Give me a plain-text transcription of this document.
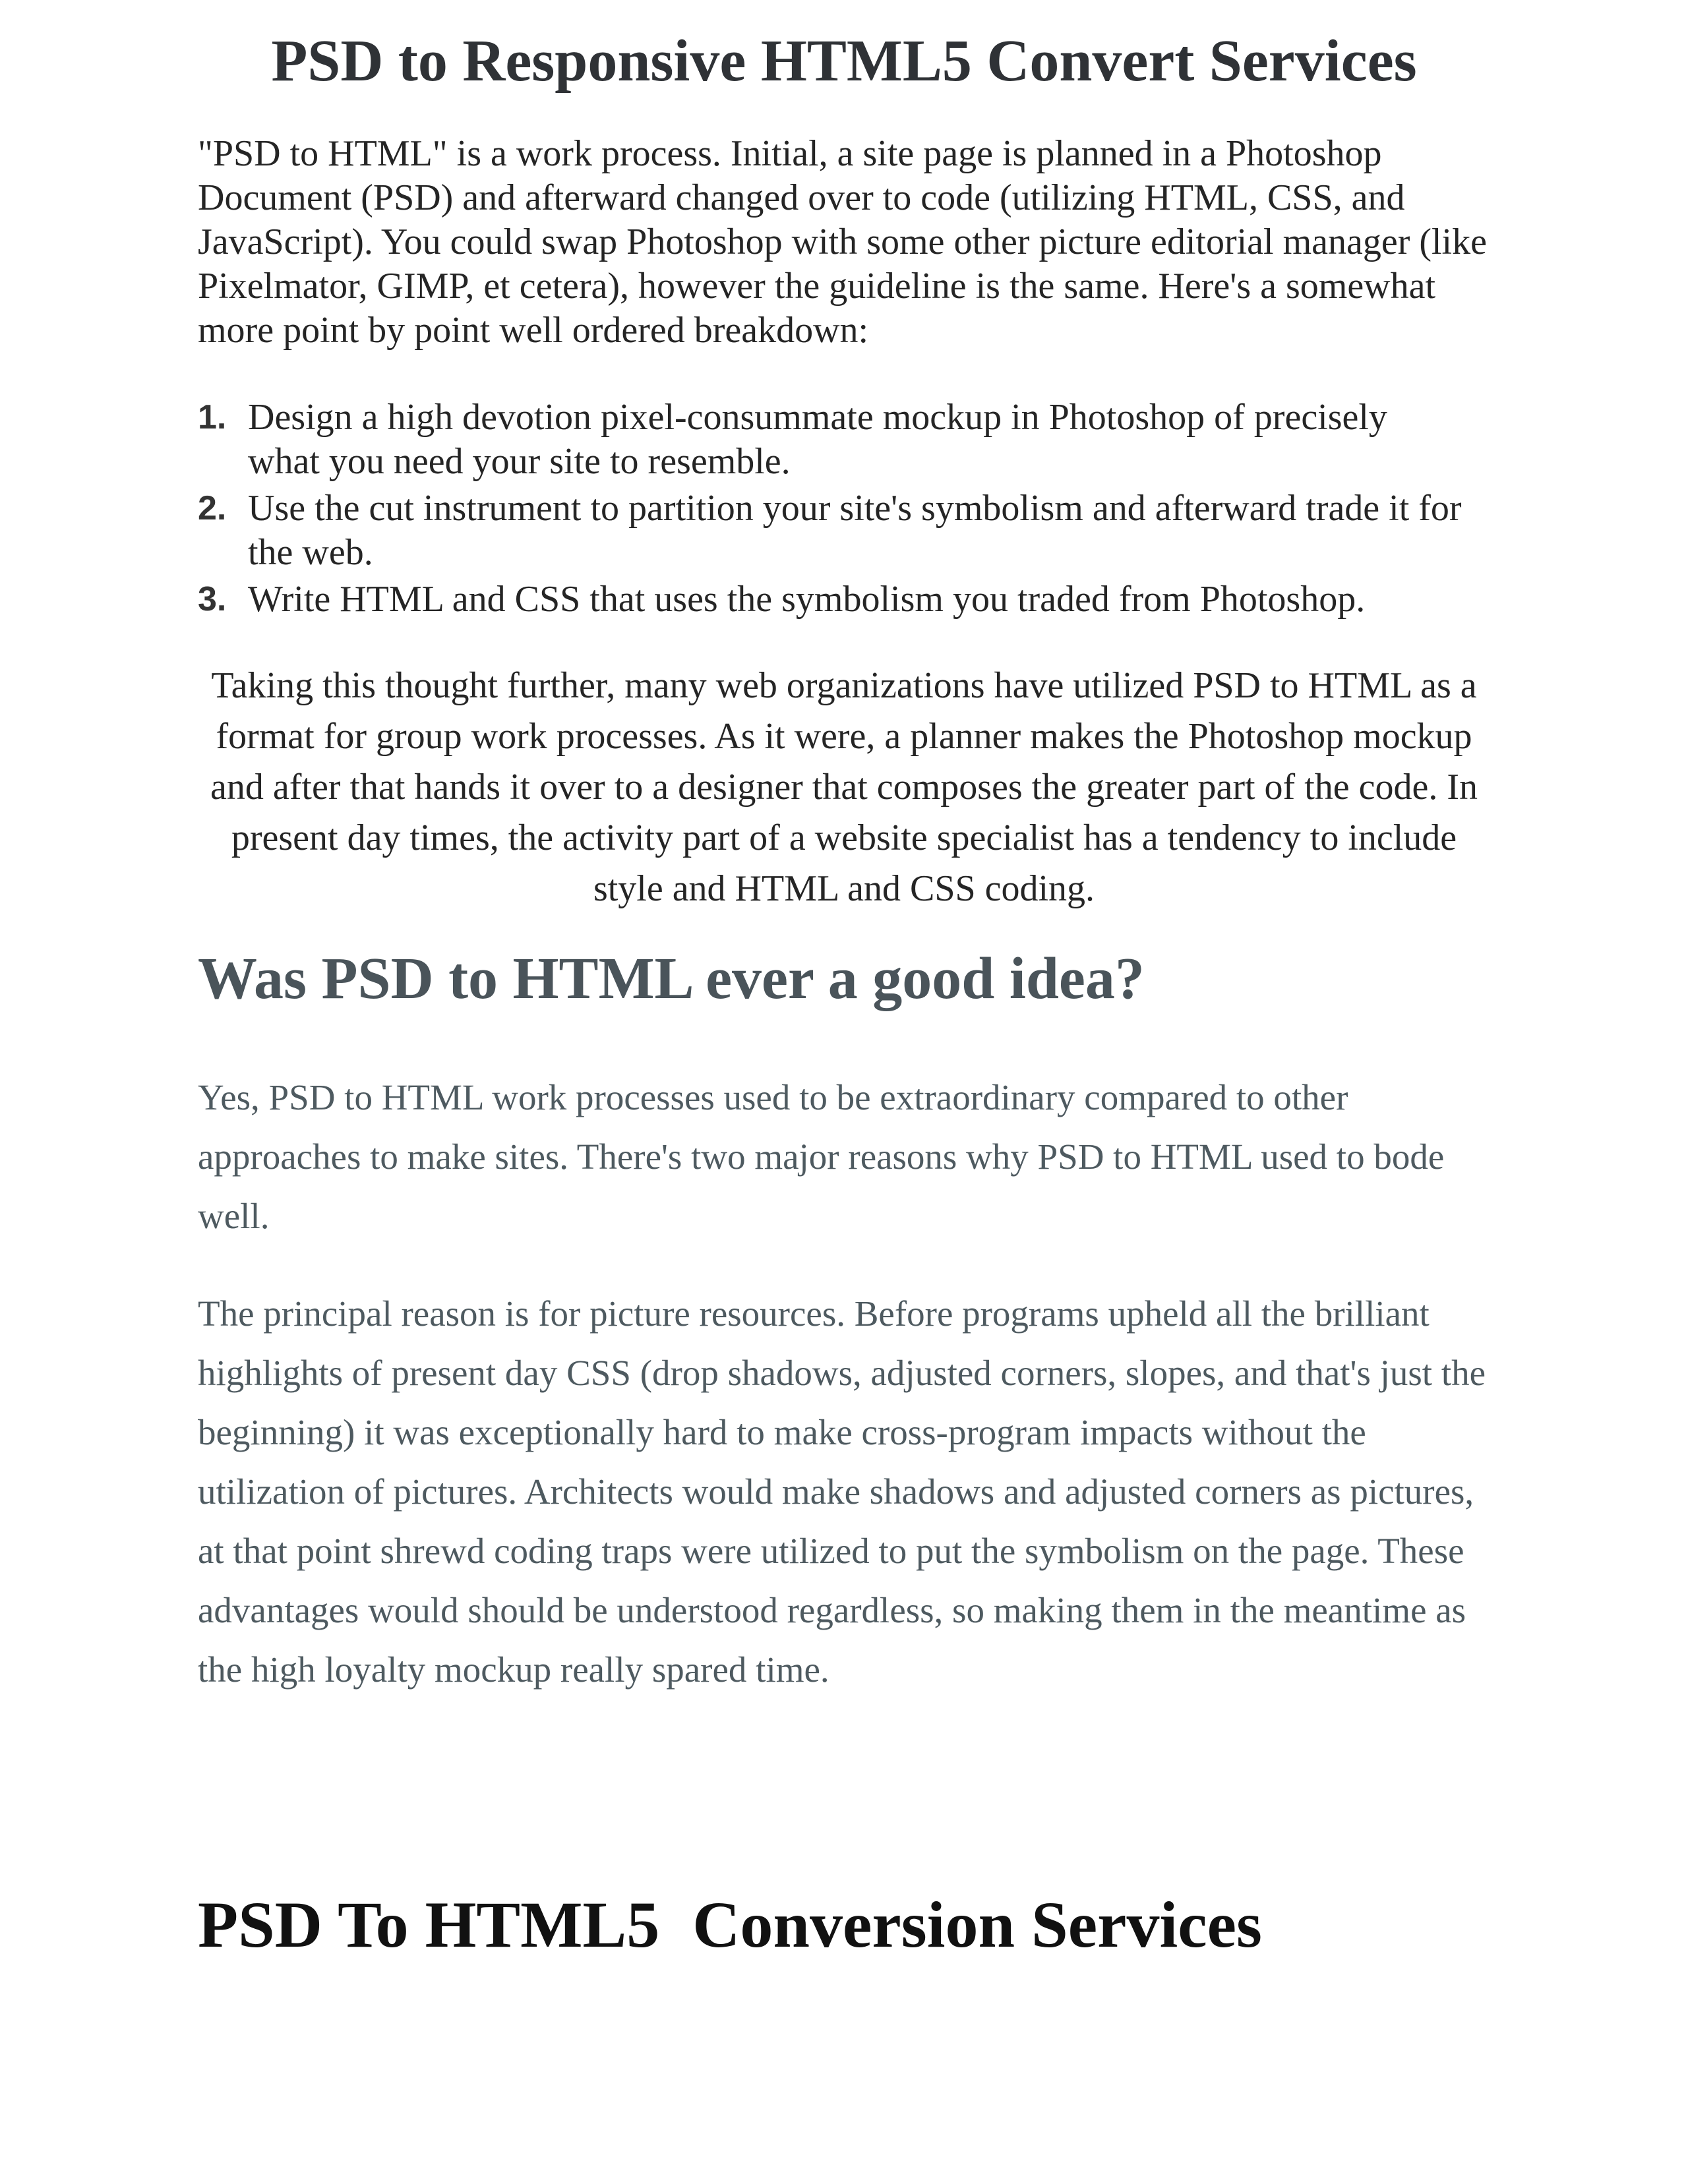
PSD to Responsive HTML5 Convert Services

"PSD to HTML" is a work process. Initial, a site page is planned in a Photoshop Document (PSD) and afterward changed over to code (utilizing HTML, CSS, and JavaScript). You could swap Photoshop with some other picture editorial manager (like Pixelmator, GIMP, et cetera), however the guideline is the same. Here's a somewhat more point by point well ordered breakdown:

1. Design a high devotion pixel-consummate mockup in Photoshop of precisely what you need your site to resemble.
2. Use the cut instrument to partition your site's symbolism and afterward trade it for the web.
3. Write HTML and CSS that uses the symbolism you traded from Photoshop.

Taking this thought further, many web organizations have utilized PSD to HTML as a format for group work processes. As it were, a planner makes the Photoshop mockup and after that hands it over to a designer that composes the greater part of the code. In present day times, the activity part of a website specialist has a tendency to include style and HTML and CSS coding.

Was PSD to HTML ever a good idea?

Yes, PSD to HTML work processes used to be extraordinary compared to other approaches to make sites. There's two major reasons why PSD to HTML used to bode well.

The principal reason is for picture resources. Before programs upheld all the brilliant highlights of present day CSS (drop shadows, adjusted corners, slopes, and that's just the beginning) it was exceptionally hard to make cross-program impacts without the utilization of pictures. Architects would make shadows and adjusted corners as pictures, at that point shrewd coding traps were utilized to put the symbolism on the page. These advantages would should be understood regardless, so making them in the meantime as the high loyalty mockup really spared time.

PSD To HTML5  Conversion Services
